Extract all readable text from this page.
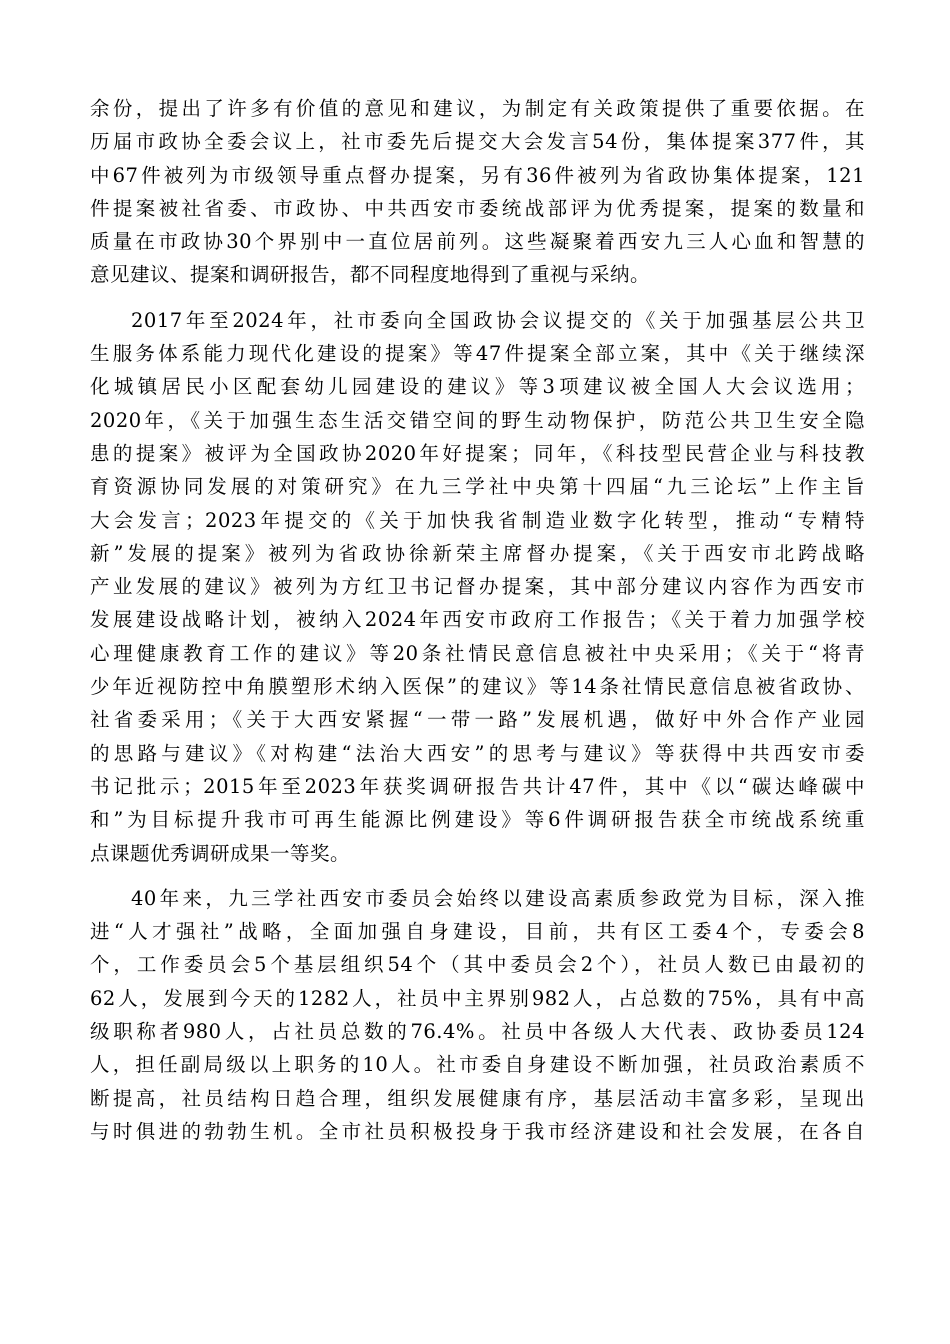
余份，提出了许多有价值的意见和建议，为制定有关政策提供了重要依据。在
历届市政协全委会议上，社市委先后提交大会发言54份，集体提案377件，其
中67件被列为市级领导重点督办提案，另有36件被列为省政协集体提案，121
件提案被社省委、市政协、中共西安市委统战部评为优秀提案，提案的数量和
质量在市政协30个界别中一直位居前列。这些凝聚着西安九三人心血和智慧的
意见建议、提案和调研报告，都不同程度地得到了重视与采纳。
2017年至2024年，社市委向全国政协会议提交的《关于加强基层公共卫
生服务体系能力现代化建设的提案》等47件提案全部立案，其中《关于继续深
化城镇居民小区配套幼儿园建设的建议》等3项建议被全国人大会议选用；
2020年，《关于加强生态生活交错空间的野生动物保护，防范公共卫生安全隐
患的提案》被评为全国政协2020年好提案；同年，《科技型民营企业与科技教
育资源协同发展的对策研究》在九三学社中央第十四届“九三论坛”上作主旨
大会发言；2023年提交的《关于加快我省制造业数字化转型，推动“专精特
新”发展的提案》被列为省政协徐新荣主席督办提案，《关于西安市北跨战略
产业发展的建议》被列为方红卫书记督办提案，其中部分建议内容作为西安市
发展建设战略计划，被纳入2024年西安市政府工作报告；《关于着力加强学校
心理健康教育工作的建议》等20条社情民意信息被社中央采用；《关于“将青
少年近视防控中角膜塑形术纳入医保”的建议》等14条社情民意信息被省政协、
社省委采用；《关于大西安紧握“一带一路”发展机遇，做好中外合作产业园
的思路与建议》《对构建“法治大西安”的思考与建议》等获得中共西安市委
书记批示；2015年至2023年获奖调研报告共计47件，其中《以“碳达峰碳中
和”为目标提升我市可再生能源比例建设》等6件调研报告获全市统战系统重
点课题优秀调研成果一等奖。
40年来，九三学社西安市委员会始终以建设高素质参政党为目标，深入推
进“人才强社”战略，全面加强自身建设，目前，共有区工委4个，专委会8
个，工作委员会5个基层组织54个（其中委员会2个），社员人数已由最初的
62人，发展到今天的1282人，社员中主界别982人，占总数的75%，具有中高
级职称者980人，占社员总数的76.4%。社员中各级人大代表、政协委员124
人，担任副局级以上职务的10人。社市委自身建设不断加强，社员政治素质不
断提高，社员结构日趋合理，组织发展健康有序，基层活动丰富多彩，呈现出
与时俱进的勃勃生机。全市社员积极投身于我市经济建设和社会发展，在各自
